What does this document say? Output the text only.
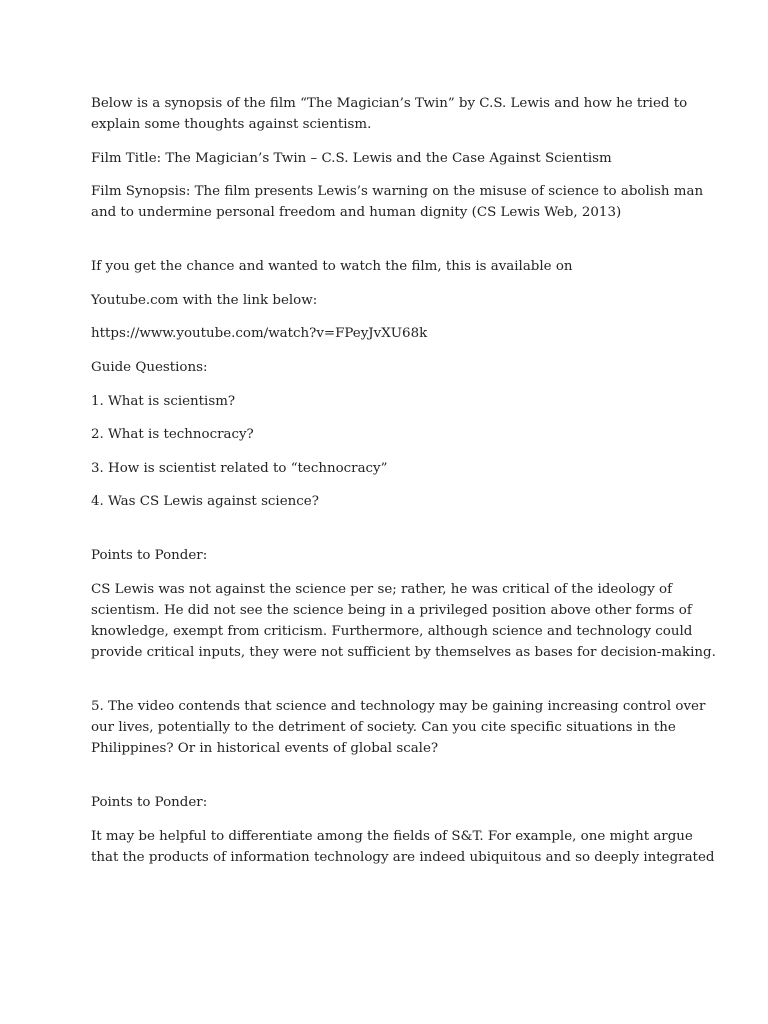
Below is a synopsis of the film “The Magician’s Twin” by C.S. Lewis and how he tried to
explain some thoughts against scientism.

Film Title: The Magician’s Twin – C.S. Lewis and the Case Against Scientism

Film Synopsis: The film presents Lewis’s warning on the misuse of science to abolish man
and to undermine personal freedom and human dignity (CS Lewis Web, 2013)

If you get the chance and wanted to watch the film, this is available on

Youtube.com with the link below:

https://www.youtube.com/watch?v=FPeyJvXU68k

Guide Questions:

1. What is scientism?

2. What is technocracy?

3. How is scientist related to “technocracy”

4. Was CS Lewis against science?

Points to Ponder:

CS Lewis was not against the science per se; rather, he was critical of the ideology of
scientism. He did not see the science being in a privileged position above other forms of
knowledge, exempt from criticism. Furthermore, although science and technology could
provide critical inputs, they were not sufficient by themselves as bases for decision-making.

5. The video contends that science and technology may be gaining increasing control over
our lives, potentially to the detriment of society. Can you cite specific situations in the
Philippines? Or in historical events of global scale?

Points to Ponder:

It may be helpful to differentiate among the fields of S&T. For example, one might argue
that the products of information technology are indeed ubiquitous and so deeply integrated
